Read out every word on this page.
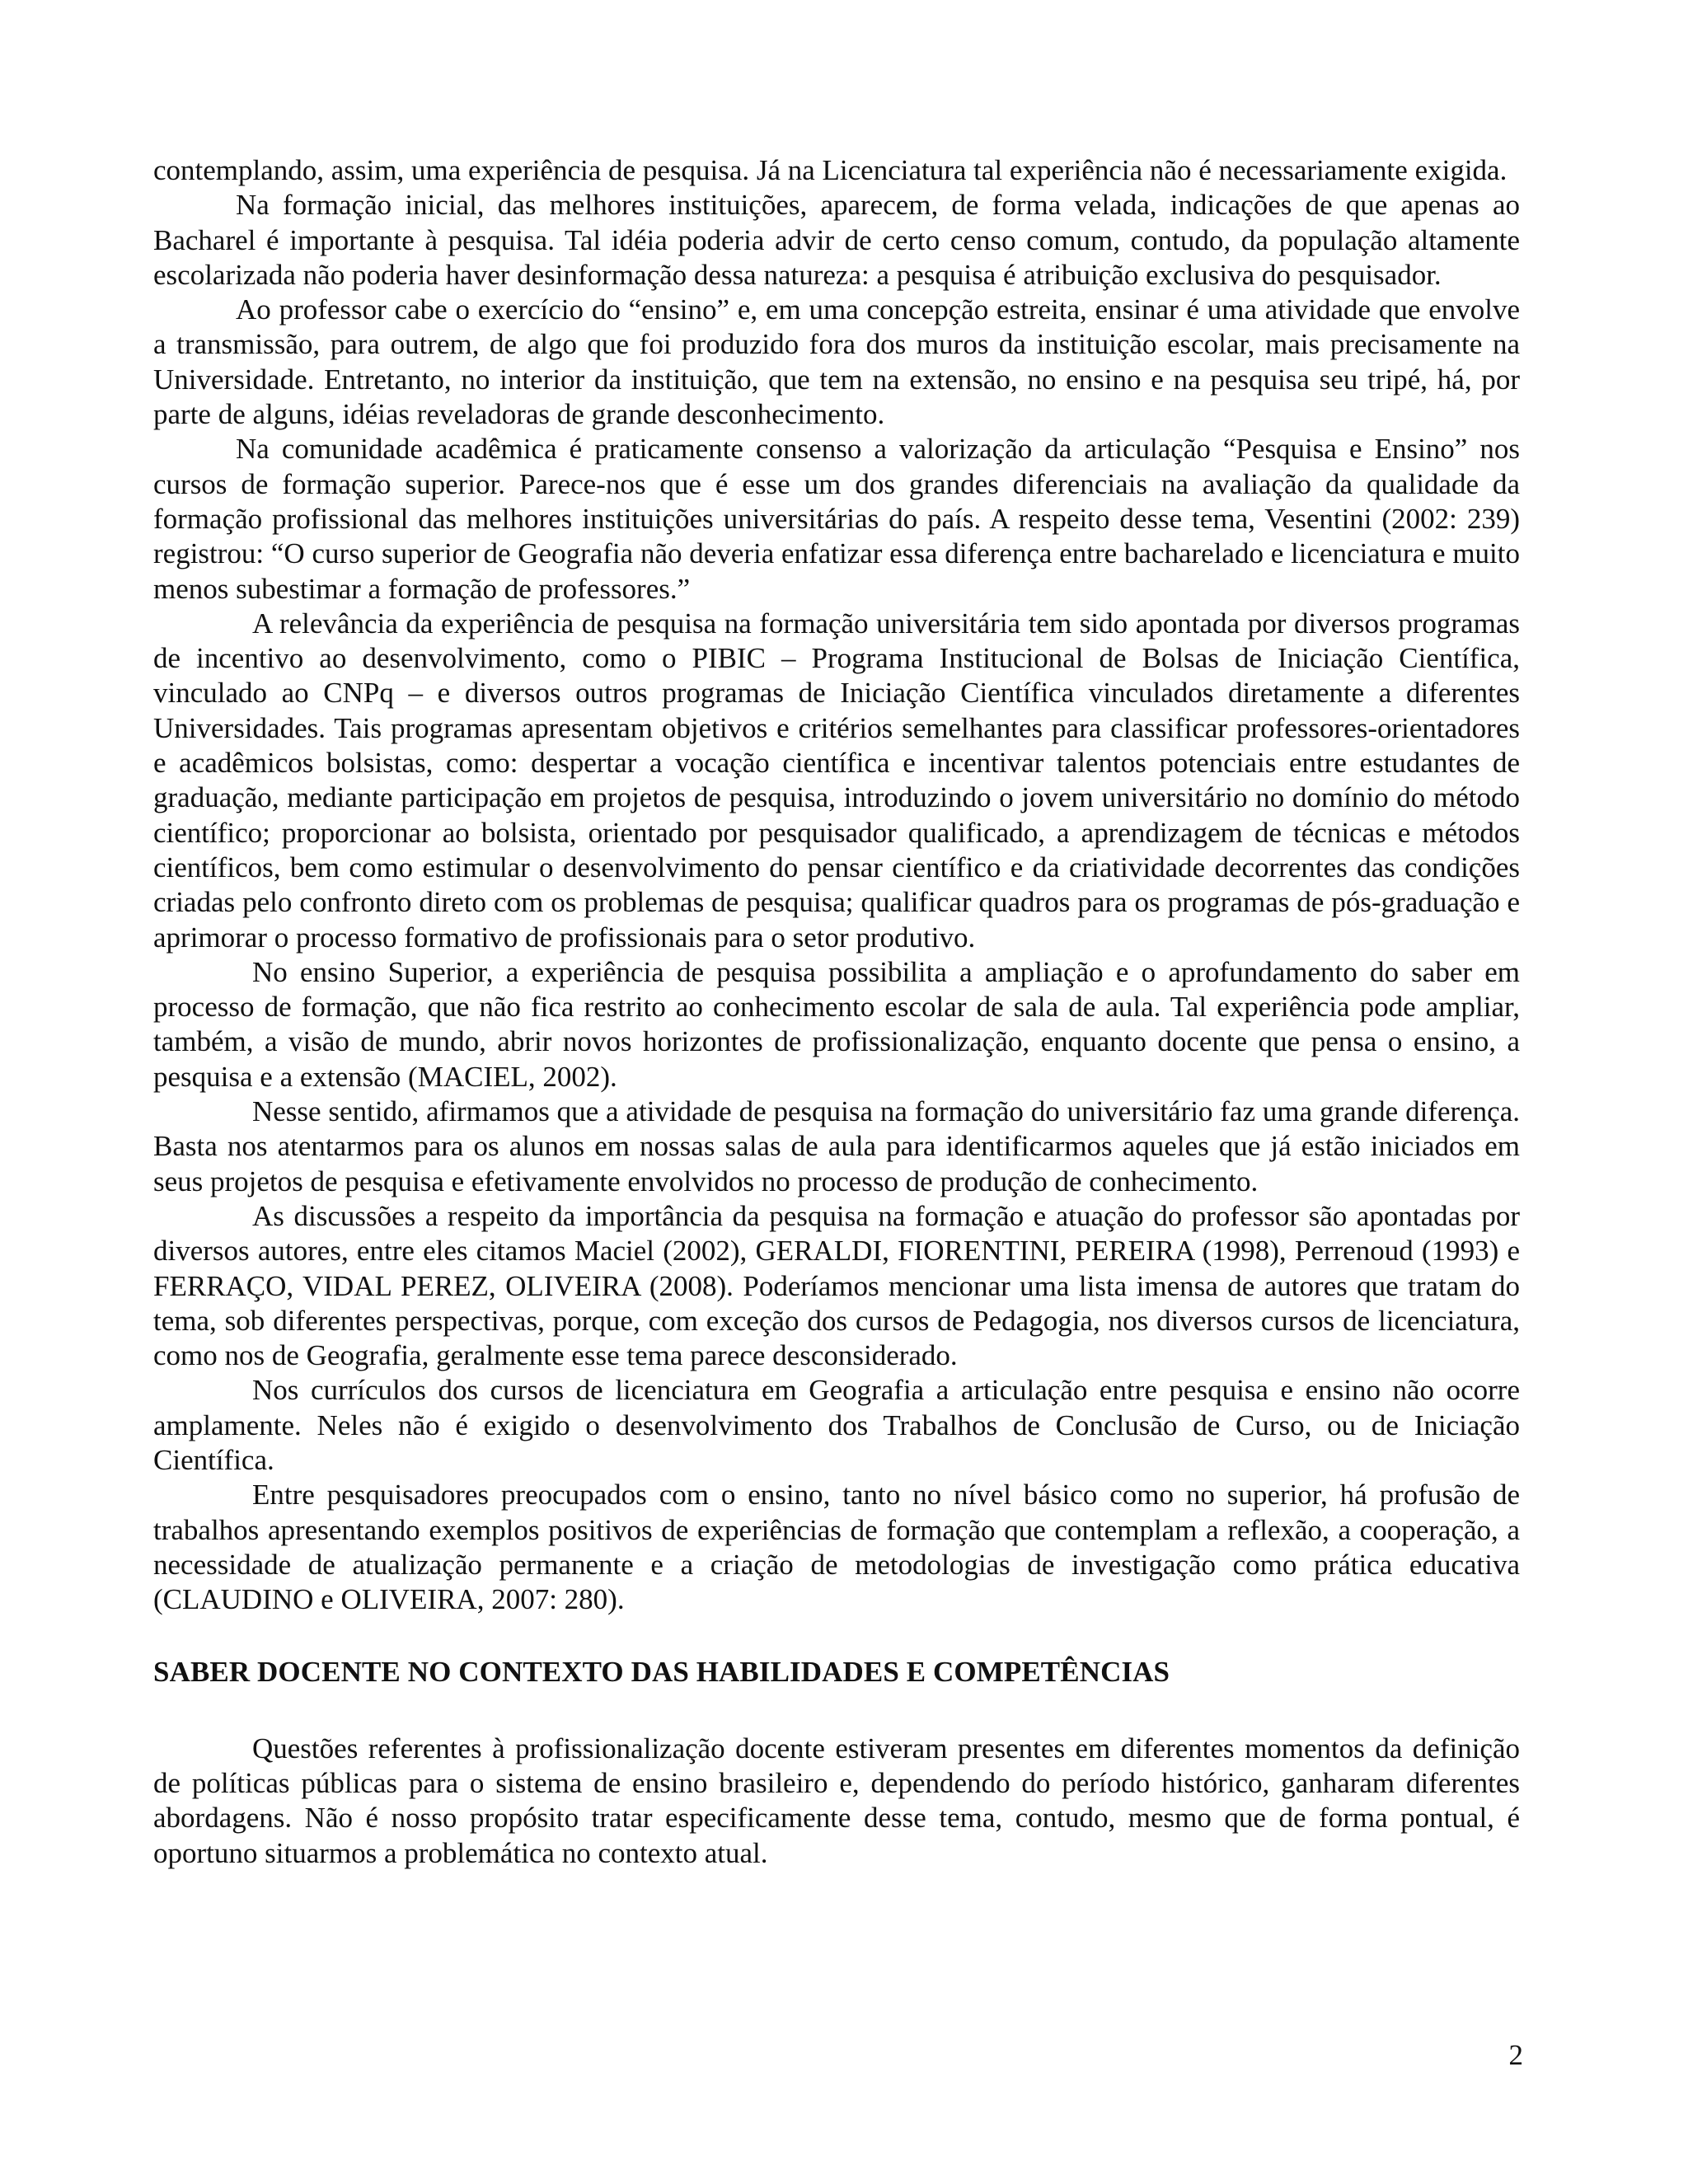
contemplando, assim, uma experiência de pesquisa. Já na Licenciatura tal experiência não é necessariamente exigida.

Na formação inicial, das melhores instituições, aparecem, de forma velada, indicações de que apenas ao Bacharel é importante à pesquisa. Tal idéia poderia advir de certo censo comum, contudo, da população altamente escolarizada não poderia haver desinformação dessa natureza: a pesquisa é atribuição exclusiva do pesquisador.

Ao professor cabe o exercício do “ensino” e, em uma concepção estreita, ensinar é uma atividade que envolve a transmissão, para outrem, de algo que foi produzido fora dos muros da instituição escolar, mais precisamente na Universidade. Entretanto, no interior da instituição, que tem na extensão, no ensino e na pesquisa seu tripé, há, por parte de alguns, idéias reveladoras de grande desconhecimento.

Na comunidade acadêmica é praticamente consenso a valorização da articulação “Pesquisa e Ensino” nos cursos de formação superior. Parece-nos que é esse um dos grandes diferenciais na avaliação da qualidade da formação profissional das melhores instituições universitárias do país. A respeito desse tema, Vesentini (2002: 239) registrou: “O curso superior de Geografia não deveria enfatizar essa diferença entre bacharelado e licenciatura e muito menos subestimar a formação de professores.”

A relevância da experiência de pesquisa na formação universitária tem sido apontada por diversos programas de incentivo ao desenvolvimento, como o PIBIC – Programa Institucional de Bolsas de Iniciação Científica, vinculado ao CNPq – e diversos outros programas de Iniciação Científica vinculados diretamente a diferentes Universidades. Tais programas apresentam objetivos e critérios semelhantes para classificar professores-orientadores e acadêmicos bolsistas, como: despertar a vocação científica e incentivar talentos potenciais entre estudantes de graduação, mediante participação em projetos de pesquisa, introduzindo o jovem universitário no domínio do método científico; proporcionar ao bolsista, orientado por pesquisador qualificado, a aprendizagem de técnicas e métodos científicos, bem como estimular o desenvolvimento do pensar científico e da criatividade decorrentes das condições criadas pelo confronto direto com os problemas de pesquisa; qualificar quadros para os programas de pós-graduação e aprimorar o processo formativo de profissionais para o setor produtivo.

No ensino Superior, a experiência de pesquisa possibilita a ampliação e o aprofundamento do saber em processo de formação, que não fica restrito ao conhecimento escolar de sala de aula. Tal experiência pode ampliar, também, a visão de mundo, abrir novos horizontes de profissionalização, enquanto docente que pensa o ensino, a pesquisa e a extensão (MACIEL, 2002).

Nesse sentido, afirmamos que a atividade de pesquisa na formação do universitário faz uma grande diferença. Basta nos atentarmos para os alunos em nossas salas de aula para identificarmos aqueles que já estão iniciados em seus projetos de pesquisa e efetivamente envolvidos no processo de produção de conhecimento.

As discussões a respeito da importância da pesquisa na formação e atuação do professor são apontadas por diversos autores, entre eles citamos Maciel (2002), GERALDI, FIORENTINI, PEREIRA (1998), Perrenoud (1993) e FERRAÇO, VIDAL PEREZ, OLIVEIRA (2008). Poderíamos mencionar uma lista imensa de autores que tratam do tema, sob diferentes perspectivas, porque, com exceção dos cursos de Pedagogia, nos diversos cursos de licenciatura, como nos de Geografia, geralmente esse tema parece desconsiderado.

Nos currículos dos cursos de licenciatura em Geografia a articulação entre pesquisa e ensino não ocorre amplamente. Neles não é exigido o desenvolvimento dos Trabalhos de Conclusão de Curso, ou de Iniciação Científica.

Entre pesquisadores preocupados com o ensino, tanto no nível básico como no superior, há profusão de trabalhos apresentando exemplos positivos de experiências de formação que contemplam a reflexão, a cooperação, a necessidade de atualização permanente e a criação de metodologias de investigação como prática educativa (CLAUDINO e OLIVEIRA, 2007: 280).

SABER DOCENTE NO CONTEXTO DAS HABILIDADES E COMPETÊNCIAS

Questões referentes à profissionalização docente estiveram presentes em diferentes momentos da definição de políticas públicas para o sistema de ensino brasileiro e, dependendo do período histórico, ganharam diferentes abordagens. Não é nosso propósito tratar especificamente desse tema, contudo, mesmo que de forma pontual, é oportuno situarmos a problemática no contexto atual.

2
